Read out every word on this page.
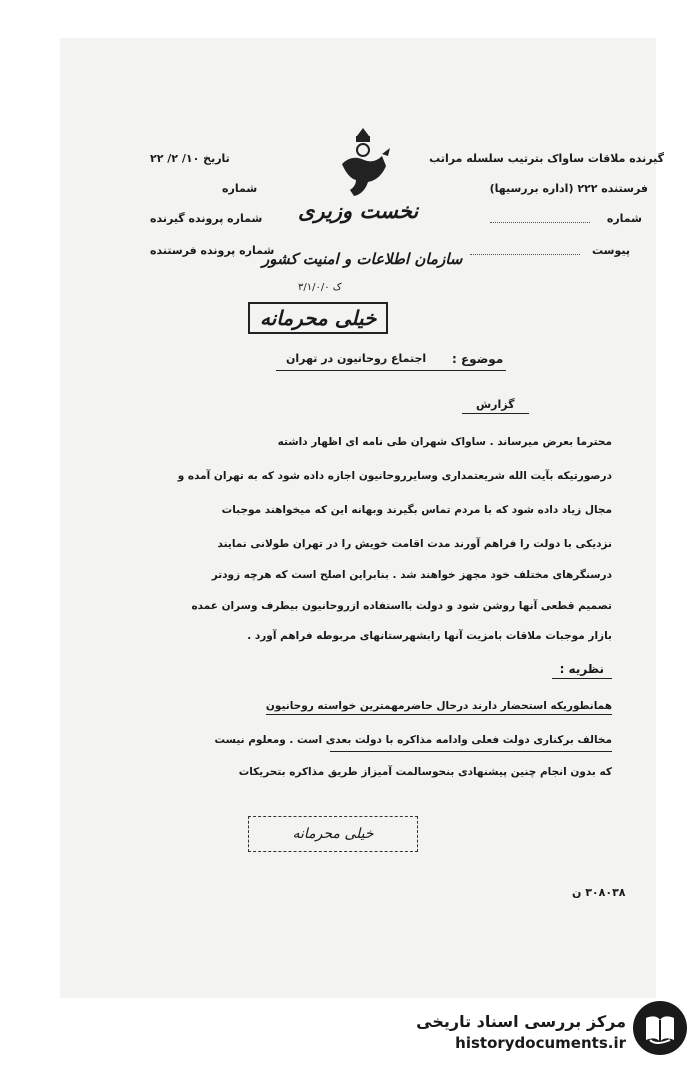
گیرنده ملاقات ساواک بترتیب سلسله مراتب
فرستنده ۲۲۲ (اداره بررسیها)
شماره
پیوست
تاریخ ۱۰/ ۲/ ۲۲
شماره
شماره پرونده گیرنده
شماره پرونده فرستنده
نخست وزیری
سازمان اطلاعات و امنیت کشور
ک ۳/۱/۰/۰
خیلی محرمانه
موضوع :
اجتماع روحانیون در تهران
گزارش
محترما بعرض میرساند . ساواک شهران طی نامه ای اظهار داشته
درصورتیکه بآیت الله شریعتمداری وسایرروحانیون اجازه داده شود که به تهران آمده و
مجال زیاد داده شود که با مردم تماس بگیرند وبهانه این که میخواهند موجبات
نزدیکی با دولت را فراهم آورند مدت اقامت خویش را در تهران طولانی نمایند
درسنگرهای مختلف خود مجهز خواهند شد . بنابراین اصلح است که هرچه زودتر
تصمیم قطعی آنها روشن شود و دولت بااستفاده ازروحانیون بیطرف وسران عمده
بازار موجبات ملاقات بامزیت آنها رابشهرستانهای مربوطه فراهم آورد .
نظریه :
همانطوریکه استحضار دارند درحال حاضرمهمترین خواسته روحانیون
مخالف برکناری دولت فعلی وادامه مذاکره با دولت بعدی است . ومعلوم نیست
که بدون انجام چنین پیشنهادی بنحوسالمت آمیزاز طریق مذاکره بتحریکات
خیلی محرمانه
۳۰۸۰۳۸ ن
مرکز بررسی اسناد تاریخی
historydocuments.ir
